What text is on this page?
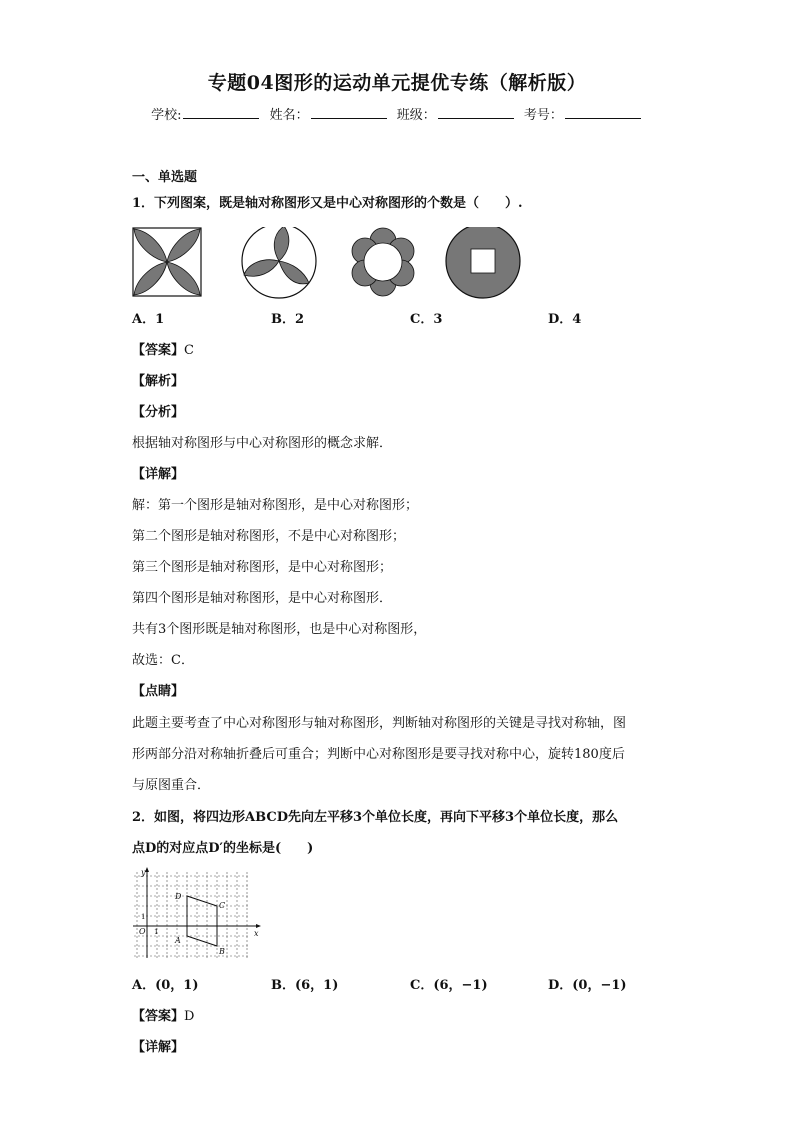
专题04图形的运动单元提优专练（解析版）
学校:	姓名：	班级：	考号：
一、单选题
1．下列图案，既是轴对称图形又是中心对称图形的个数是（　　）.
A．1	B．2	C．3	D．4
【答案】C
【解析】
【分析】
根据轴对称图形与中心对称图形的概念求解．
【详解】
解：第一个图形是轴对称图形，是中心对称图形；
第二个图形是轴对称图形，不是中心对称图形；
第三个图形是轴对称图形，是中心对称图形；
第四个图形是轴对称图形，是中心对称图形．
共有3个图形既是轴对称图形，也是中心对称图形，
故选：C．
【点睛】
此题主要考查了中心对称图形与轴对称图形，判断轴对称图形的关键是寻找对称轴，图
形两部分沿对称轴折叠后可重合；判断中心对称图形是要寻找对称中心，旋转180度后
与原图重合．
2．如图，将四边形ABCD先向左平移3个单位长度，再向下平移3个单位长度，那么
点D的对应点D′的坐标是(　　)
y
x
O 1
1
D
C
A
B
A．(0，1)	B．(6，1)	C．(6，−1)	D．(0，−1)
【答案】D
【详解】
